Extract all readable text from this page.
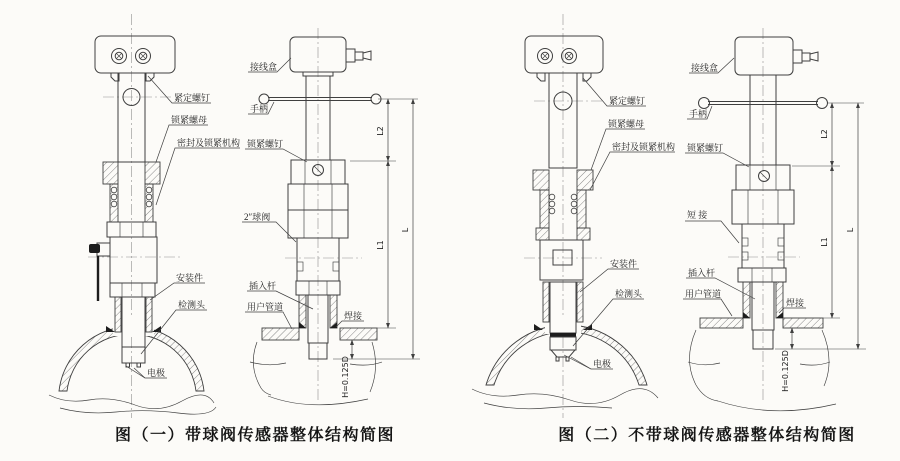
紧定螺钉
锁紧螺母
密封及锁紧机构
安装件
检测头
电极
L2
L1
L
H=0.125D
接线盒
手柄
锁紧螺钉
2″球阀
插入杆
用户管道
焊接
紧定螺钉
锁紧螺母
密封及锁紧机构
安装件
检测头
电极
L2
L1
L
H=0.125D
接线盒
手柄
锁紧螺钉
短 接
插入杆
用户管道
焊接
图（一）带球阀传感器整体结构简图	图（二）不带球阀传感器整体结构简图
